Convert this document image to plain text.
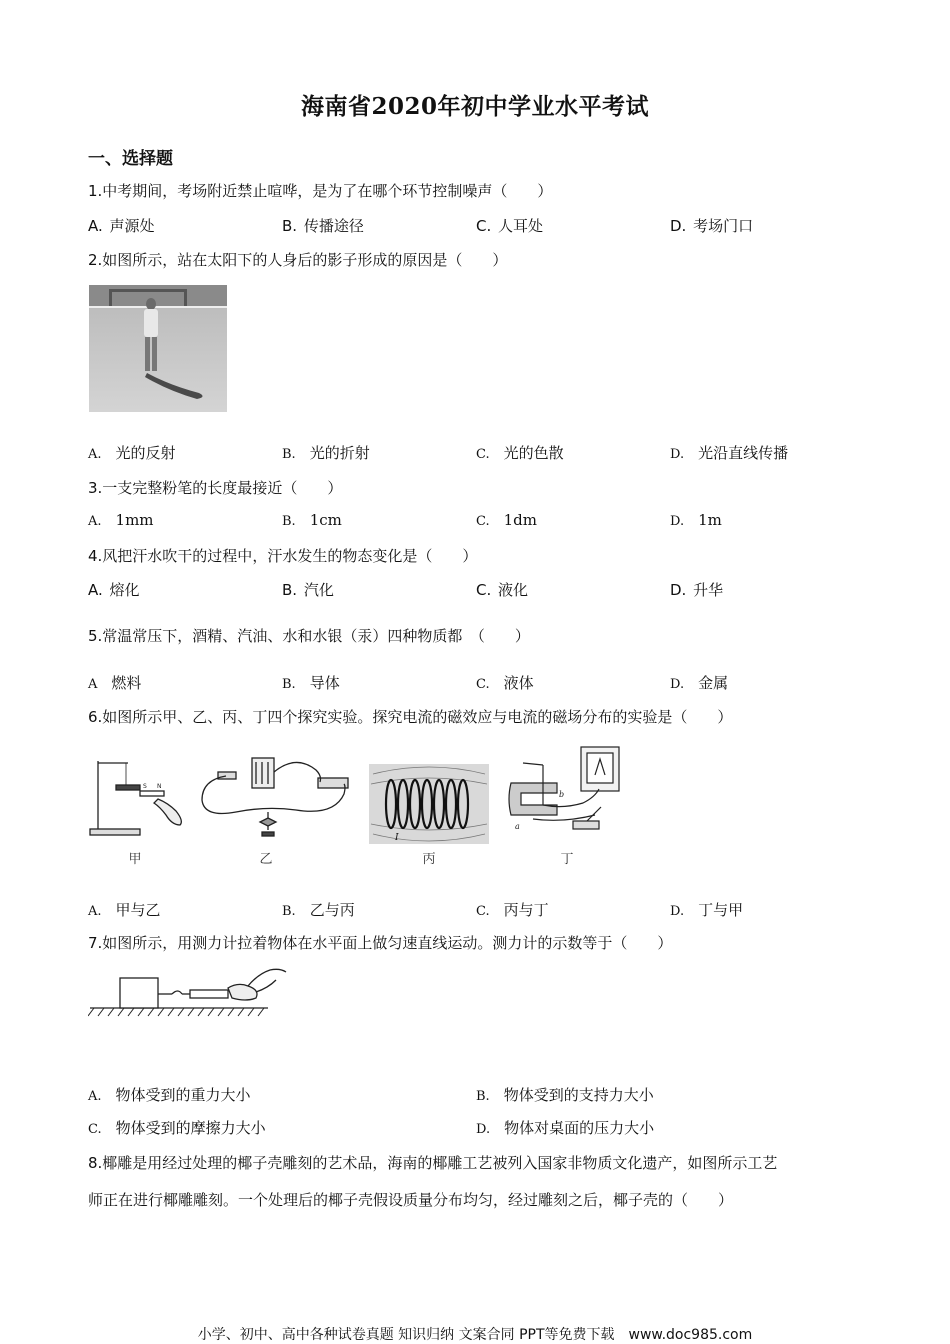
海南省2020年初中学业水平考试
一、选择题
1.中考期间，考场附近禁止喧哗，是为了在哪个环节控制噪声（　　）
A. 声源处	B. 传播途径	C. 人耳处	D. 考场门口
2.如图所示，站在太阳下的人身后的影子形成的原因是（　　）
A. 光的反射	B. 光的折射	C. 光的色散	D. 光沿直线传播
3.一支完整粉笔的长度最接近（　　）
A. 1mm	B. 1cm	C. 1dm	D. 1m
4.风把汗水吹干的过程中，汗水发生的物态变化是（　　）
A. 熔化	B. 汽化	C. 液化	D. 升华
5.常温常压下，酒精、汽油、水和水银（汞）四种物质都　（　　）
A 燃料	B. 导体	C. 液体	D. 金属
6.如图所示甲、乙、丙、丁四个探究实验。探究电流的磁效应与电流的磁场分布的实验是（　　）
S N
I
a
b
甲	乙	丙	丁
A. 甲与乙	B. 乙与丙	C. 丙与丁	D. 丁与甲
7.如图所示，用测力计拉着物体在水平面上做匀速直线运动。测力计的示数等于（　　）
A. 物体受到的重力大小	B. 物体受到的支持力大小
C. 物体受到的摩擦力大小	D. 物体对桌面的压力大小
8.椰雕是用经过处理的椰子壳雕刻的艺术品，海南的椰雕工艺被列入国家非物质文化遗产，如图所示工艺
师正在进行椰雕雕刻。一个处理后的椰子壳假设质量分布均匀，经过雕刻之后，椰子壳的（　　）
小学、初中、高中各种试卷真题 知识归纳 文案合同 PPT等免费下载　www.doc985.com
